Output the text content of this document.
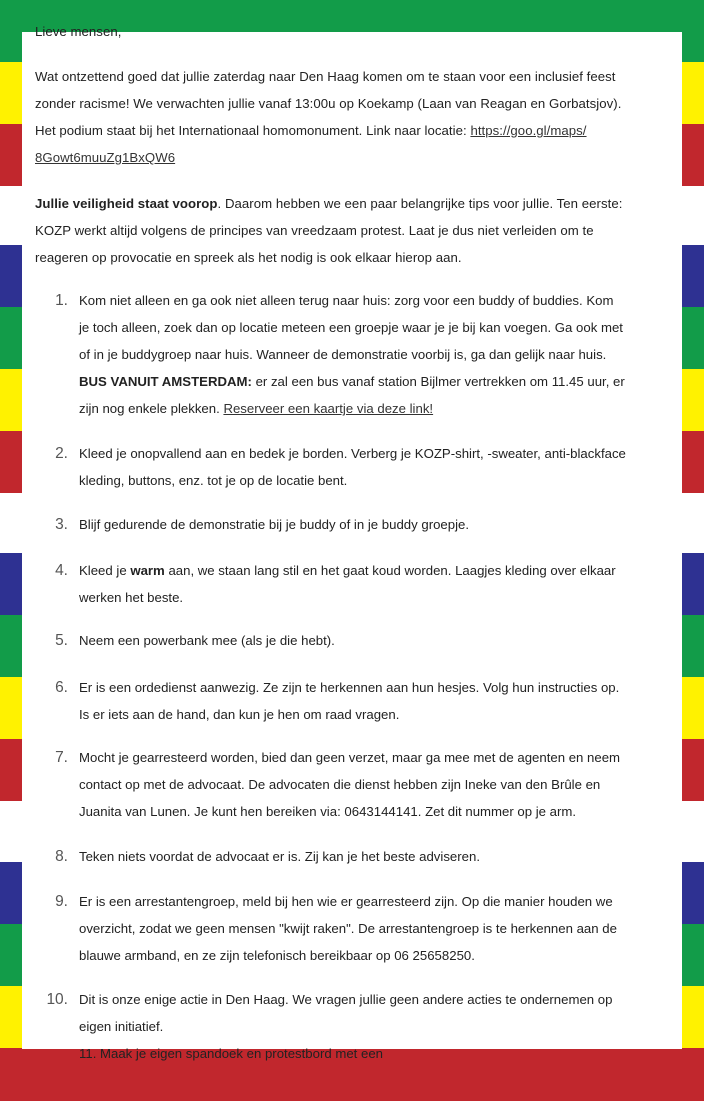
Lieve mensen,

Wat ontzettend goed dat jullie zaterdag naar Den Haag komen om te staan voor een inclusief feest

zonder racisme! We verwachten jullie vanaf 13:00u op Koekamp (Laan van Reagan en Gorbatsjov).

Het podium staat bij het Internationaal homomonument. Link naar locatie: https://goo.gl/maps/

8Gowt6muuZg1BxQW6

Jullie veiligheid staat voorop. Daarom hebben we een paar belangrijke tips voor jullie. Ten eerste:

KOZP werkt altijd volgens de principes van vreedzaam protest. Laat je dus niet verleiden om te

reageren op provocatie en spreek als het nodig is ook elkaar hierop aan.

1. Kom niet alleen en ga ook niet alleen terug naar huis: zorg voor een buddy of buddies. Kom

je toch alleen, zoek dan op locatie meteen een groepje waar je je bij kan voegen. Ga ook met

of in je buddygroep naar huis. Wanneer de demonstratie voorbij is, ga dan gelijk naar huis.

BUS VANUIT AMSTERDAM: er zal een bus vanaf station Bijlmer vertrekken om 11.45 uur, er

zijn nog enkele plekken. Reserveer een kaartje via deze link!

2. Kleed je onopvallend aan en bedek je borden. Verberg je KOZP-shirt, -sweater, anti-blackface

kleding, buttons, enz. tot je op de locatie bent.

3. Blijf gedurende de demonstratie bij je buddy of in je buddy groepje.

4. Kleed je warm aan, we staan lang stil en het gaat koud worden. Laagjes kleding over elkaar

werken het beste.

5. Neem een powerbank mee (als je die hebt).

6. Er is een ordedienst aanwezig. Ze zijn te herkennen aan hun hesjes. Volg hun instructies op.

Is er iets aan de hand, dan kun je hen om raad vragen.

7. Mocht je gearresteerd worden, bied dan geen verzet, maar ga mee met de agenten en neem

contact op met de advocaat. De advocaten die dienst hebben zijn Ineke van den Brûle en

Juanita van Lunen. Je kunt hen bereiken via: 0643144141. Zet dit nummer op je arm.

8. Teken niets voordat de advocaat er is. Zij kan je het beste adviseren.

9. Er is een arrestantengroep, meld bij hen wie er gearresteerd zijn. Op die manier houden we

overzicht, zodat we geen mensen "kwijt raken". De arrestantengroep is te herkennen aan de

blauwe armband, en ze zijn telefonisch bereikbaar op 06 25658250.

10. Dit is onze enige actie in Den Haag. We vragen jullie geen andere acties te ondernemen op

eigen initiatief.

11. Maak je eigen spandoek en protestbord met een
